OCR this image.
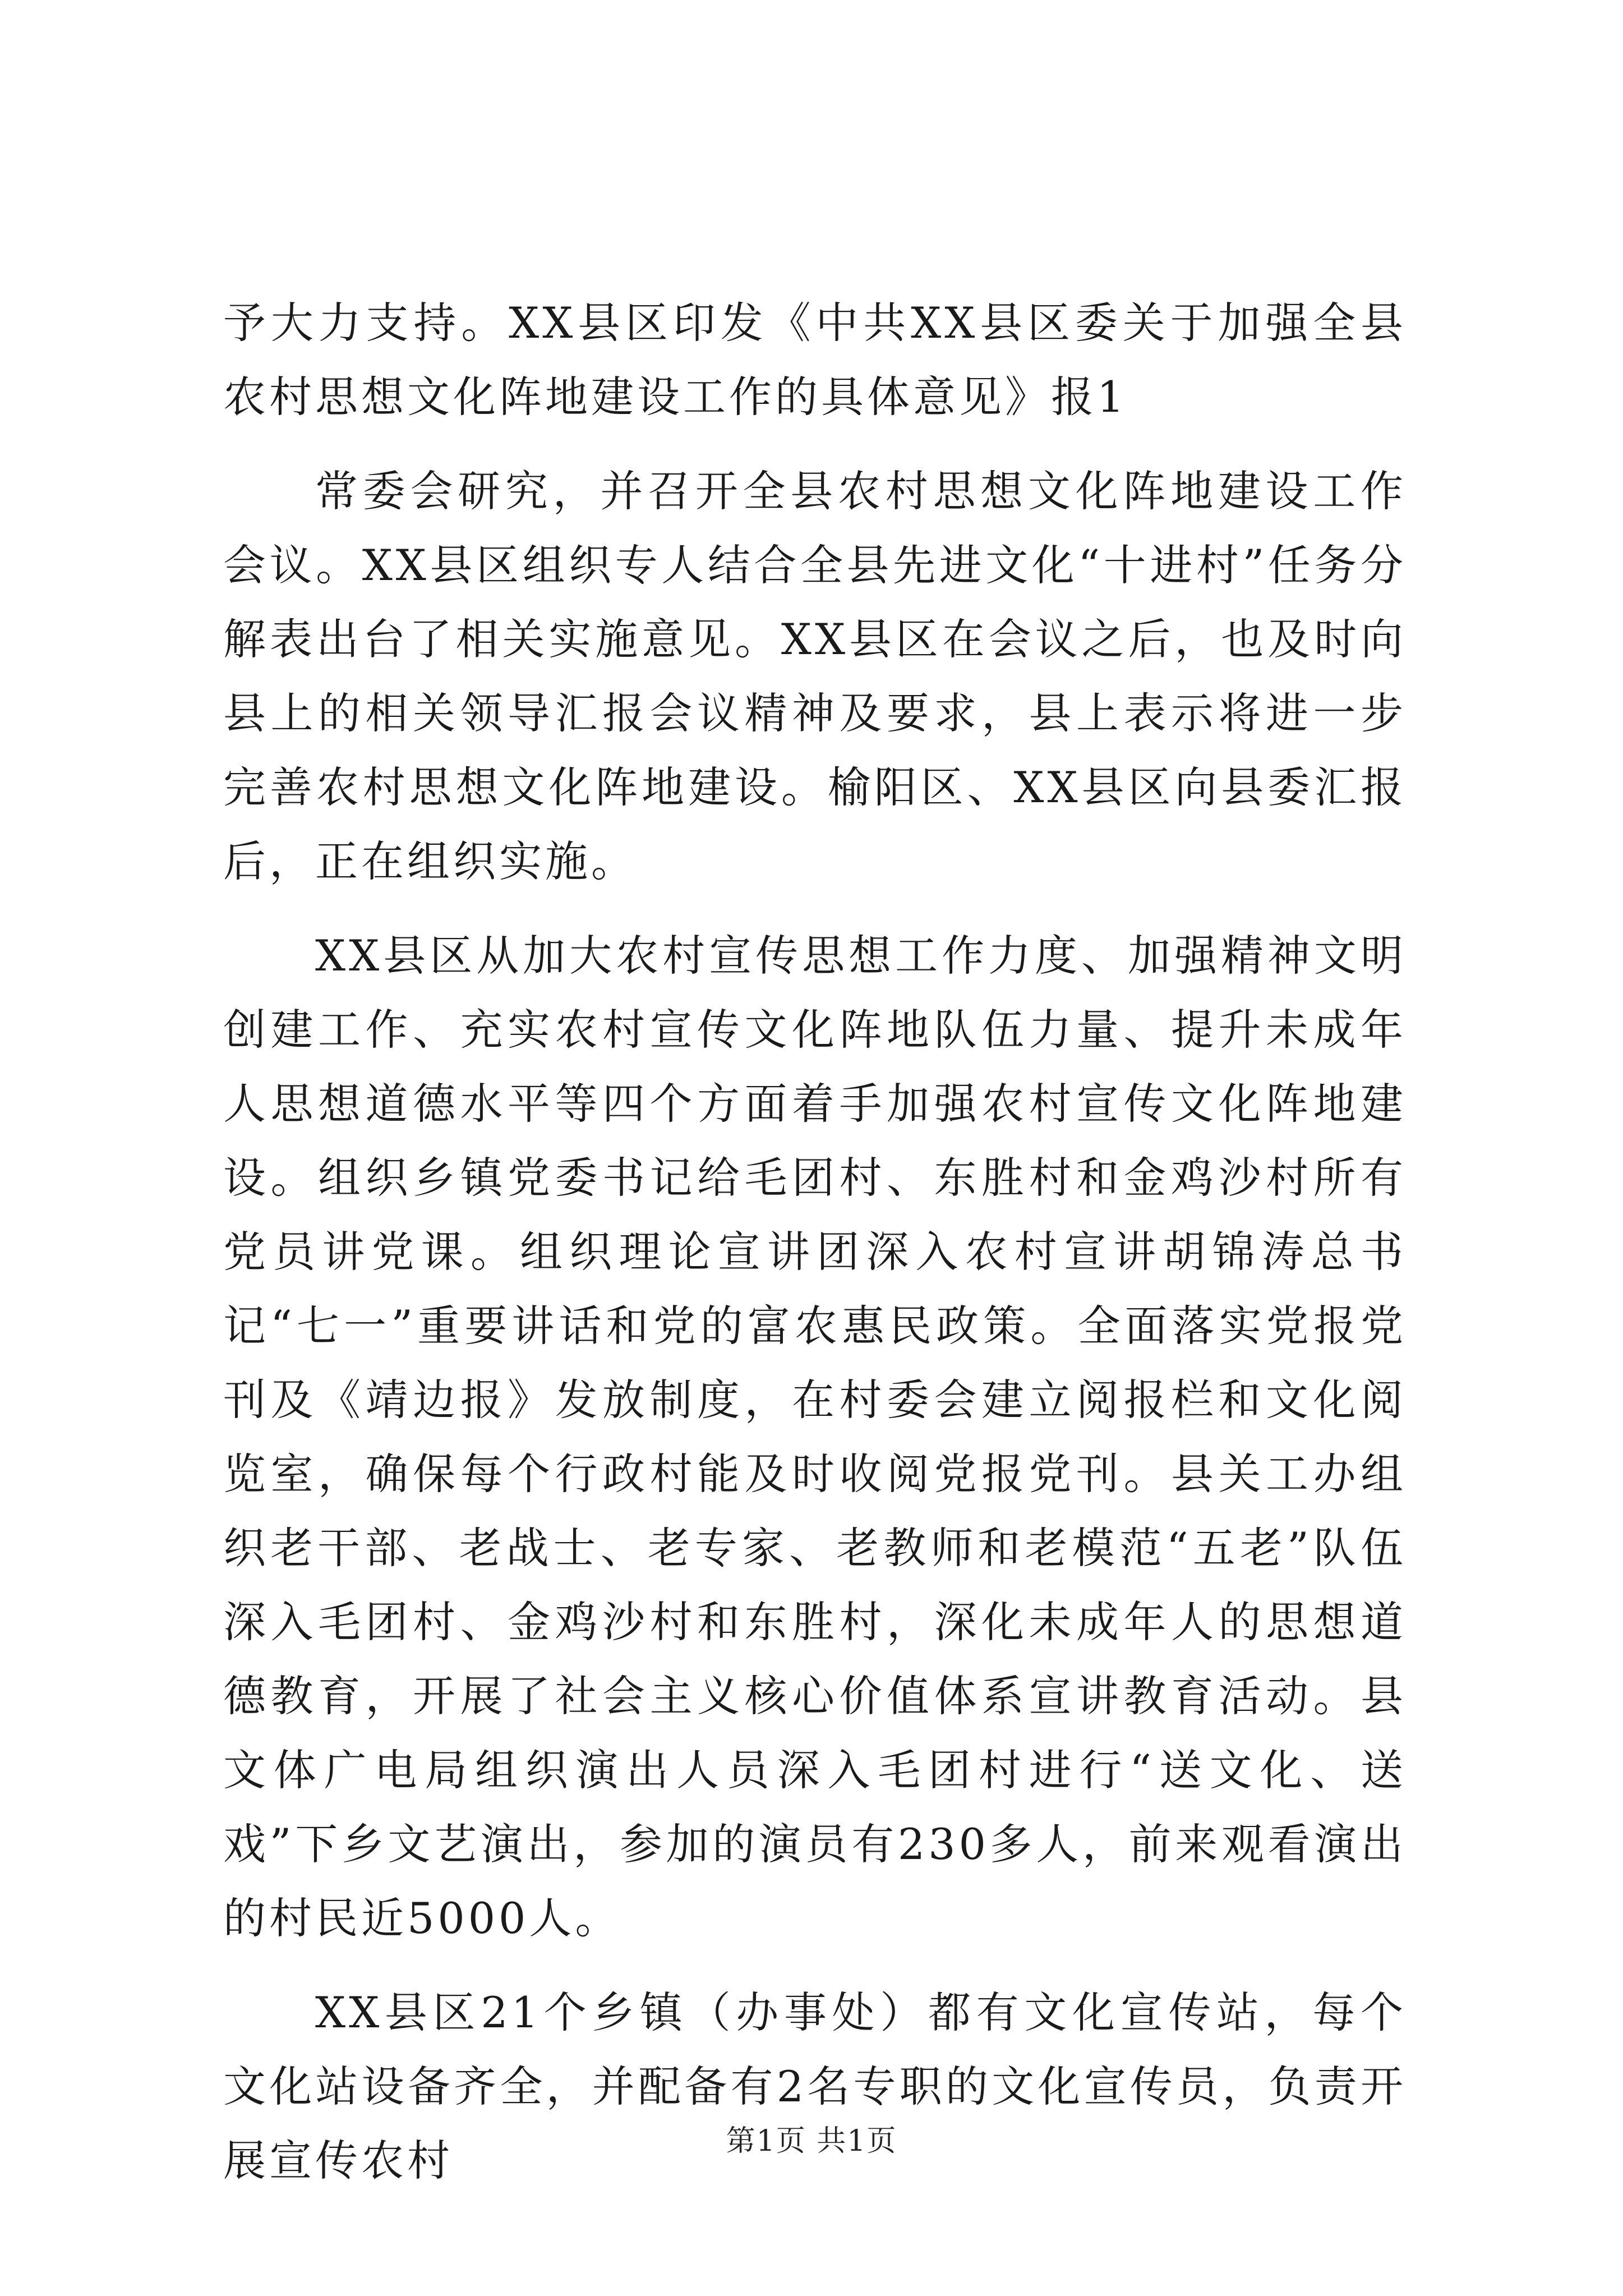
予大力支持。XX县区印发《中共XX县区委关于加强全县农村思想文化阵地建设工作的具体意见》报1

常委会研究，并召开全县农村思想文化阵地建设工作会议。XX县区组织专人结合全县先进文化“十进村”任务分解表出台了相关实施意见。XX县区在会议之后，也及时向县上的相关领导汇报会议精神及要求，县上表示将进一步完善农村思想文化阵地建设。榆阳区、XX县区向县委汇报后，正在组织实施。

XX县区从加大农村宣传思想工作力度、加强精神文明创建工作、充实农村宣传文化阵地队伍力量、提升未成年人思想道德水平等四个方面着手加强农村宣传文化阵地建设。组织乡镇党委书记给毛团村、东胜村和金鸡沙村所有党员讲党课。组织理论宣讲团深入农村宣讲胡锦涛总书记“七一”重要讲话和党的富农惠民政策。全面落实党报党刊及《靖边报》发放制度，在村委会建立阅报栏和文化阅览室，确保每个行政村能及时收阅党报党刊。县关工办组织老干部、老战士、老专家、老教师和老模范“五老”队伍深入毛团村、金鸡沙村和东胜村，深化未成年人的思想道德教育，开展了社会主义核心价值体系宣讲教育活动。县文体广电局组织演出人员深入毛团村进行“送文化、送戏”下乡文艺演出，参加的演员有230多人，前来观看演出的村民近5000人。

XX县区21个乡镇（办事处）都有文化宣传站，每个文化站设备齐全，并配备有2名专职的文化宣传员，负责开展宣传农村	第1页 共1页
